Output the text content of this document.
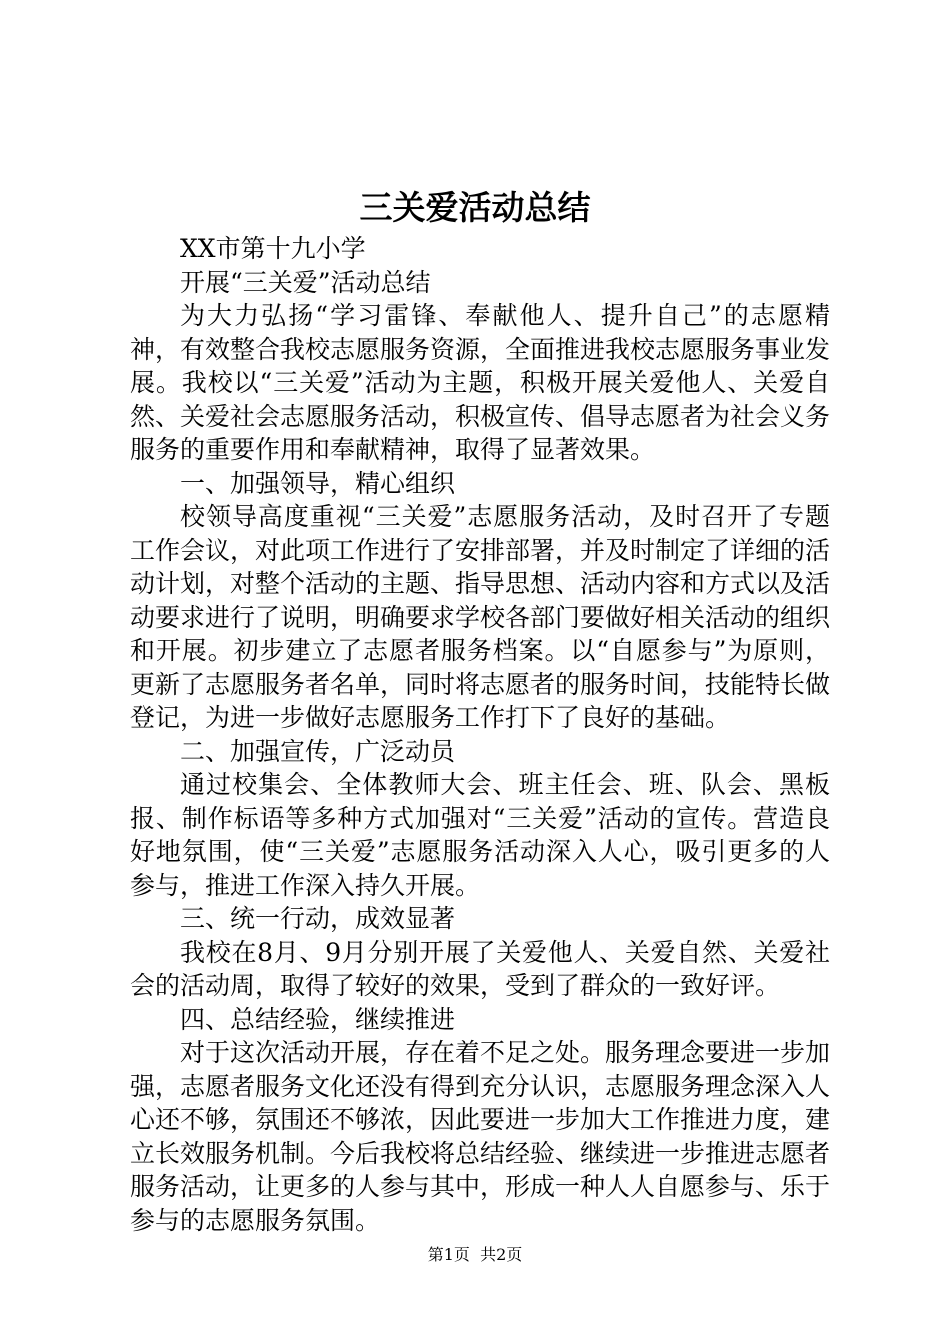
三关爱活动总结

XX市第十九小学

开展“三关爱”活动总结

为大力弘扬“学习雷锋、奉献他人、提升自己”的志愿精神，有效整合我校志愿服务资源，全面推进我校志愿服务事业发展。我校以“三关爱”活动为主题，积极开展关爱他人、关爱自然、关爱社会志愿服务活动，积极宣传、倡导志愿者为社会义务服务的重要作用和奉献精神，取得了显著效果。

一、加强领导，精心组织

校领导高度重视“三关爱”志愿服务活动，及时召开了专题工作会议，对此项工作进行了安排部署，并及时制定了详细的活动计划，对整个活动的主题、指导思想、活动内容和方式以及活动要求进行了说明，明确要求学校各部门要做好相关活动的组织和开展。初步建立了志愿者服务档案。以“自愿参与”为原则，更新了志愿服务者名单，同时将志愿者的服务时间，技能特长做登记，为进一步做好志愿服务工作打下了良好的基础。

二、加强宣传，广泛动员

通过校集会、全体教师大会、班主任会、班、队会、黑板报、制作标语等多种方式加强对“三关爱”活动的宣传。营造良好地氛围，使“三关爱”志愿服务活动深入人心，吸引更多的人参与，推进工作深入持久开展。

三、统一行动，成效显著

我校在8月、9月分别开展了关爱他人、关爱自然、关爱社会的活动周，取得了较好的效果，受到了群众的一致好评。

四、总结经验，继续推进

对于这次活动开展，存在着不足之处。服务理念要进一步加强，志愿者服务文化还没有得到充分认识，志愿服务理念深入人心还不够，氛围还不够浓，因此要进一步加大工作推进力度，建立长效服务机制。今后我校将总结经验、继续进一步推进志愿者服务活动，让更多的人参与其中，形成一种人人自愿参与、乐于参与的志愿服务氛围。

第1页 共2页
